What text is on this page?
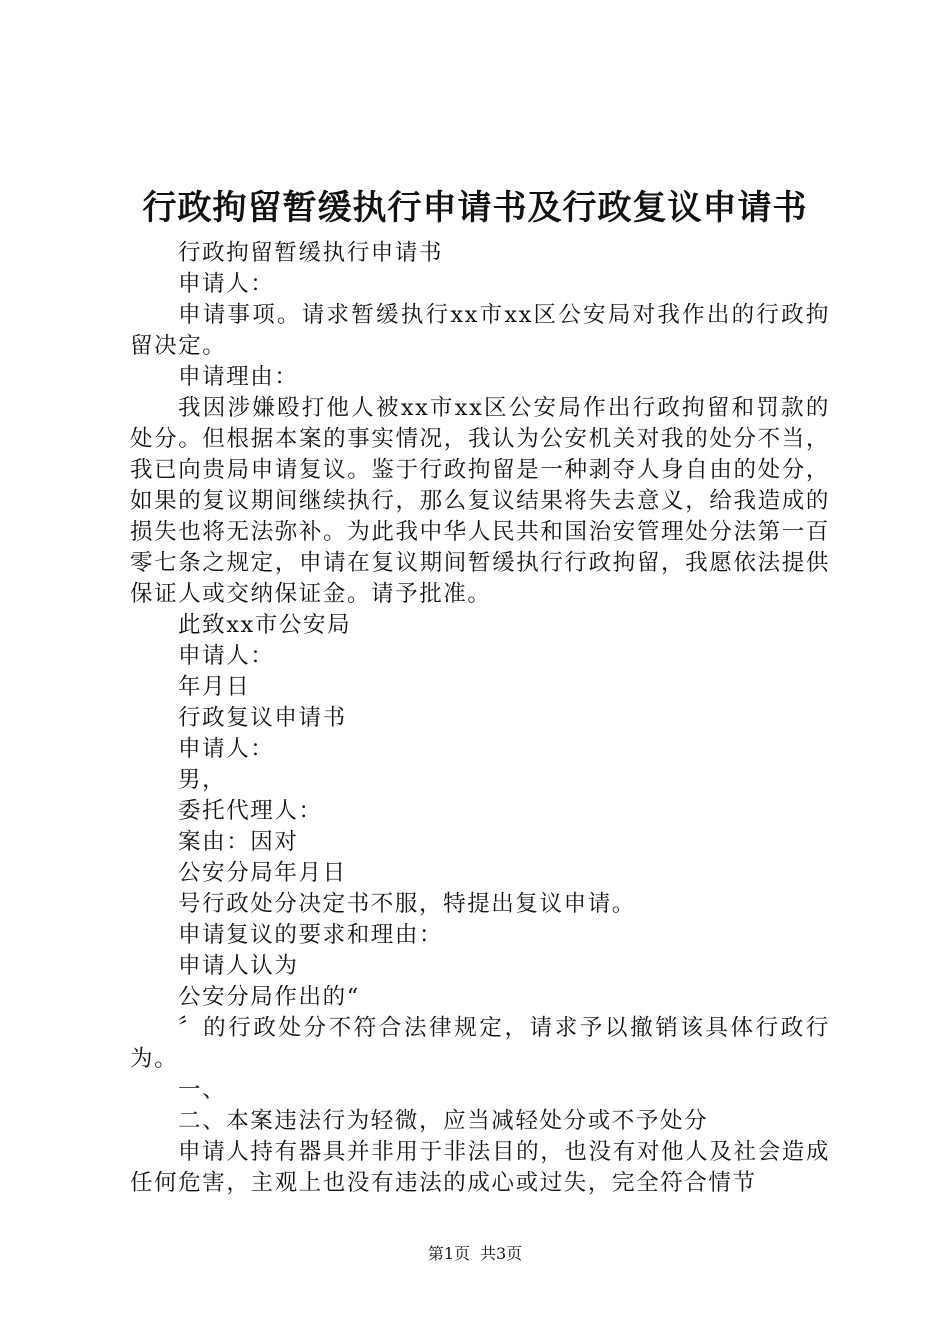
行政拘留暂缓执行申请书及行政复议申请书

行政拘留暂缓执行申请书

申请人：

申请事项。请求暂缓执行xx市xx区公安局对我作出的行政拘留决定。

申请理由：

我因涉嫌殴打他人被xx市xx区公安局作出行政拘留和罚款的处分。但根据本案的事实情况，我认为公安机关对我的处分不当，我已向贵局申请复议。鉴于行政拘留是一种剥夺人身自由的处分，如果的复议期间继续执行，那么复议结果将失去意义，给我造成的损失也将无法弥补。为此我中华人民共和国治安管理处分法第一百零七条之规定，申请在复议期间暂缓执行行政拘留，我愿依法提供保证人或交纳保证金。请予批准。

此致xx市公安局

申请人：

年月日

行政复议申请书

申请人：

男，

委托代理人：

案由：因对

公安分局年月日

号行政处分决定书不服，特提出复议申请。

申请复议的要求和理由：

申请人认为

公安分局作出的“

〞的行政处分不符合法律规定，请求予以撤销该具体行政行为。

一、

二、本案违法行为轻微，应当减轻处分或不予处分

申请人持有器具并非用于非法目的，也没有对他人及社会造成任何危害，主观上也没有违法的成心或过失，完全符合情节

第1页 共3页
